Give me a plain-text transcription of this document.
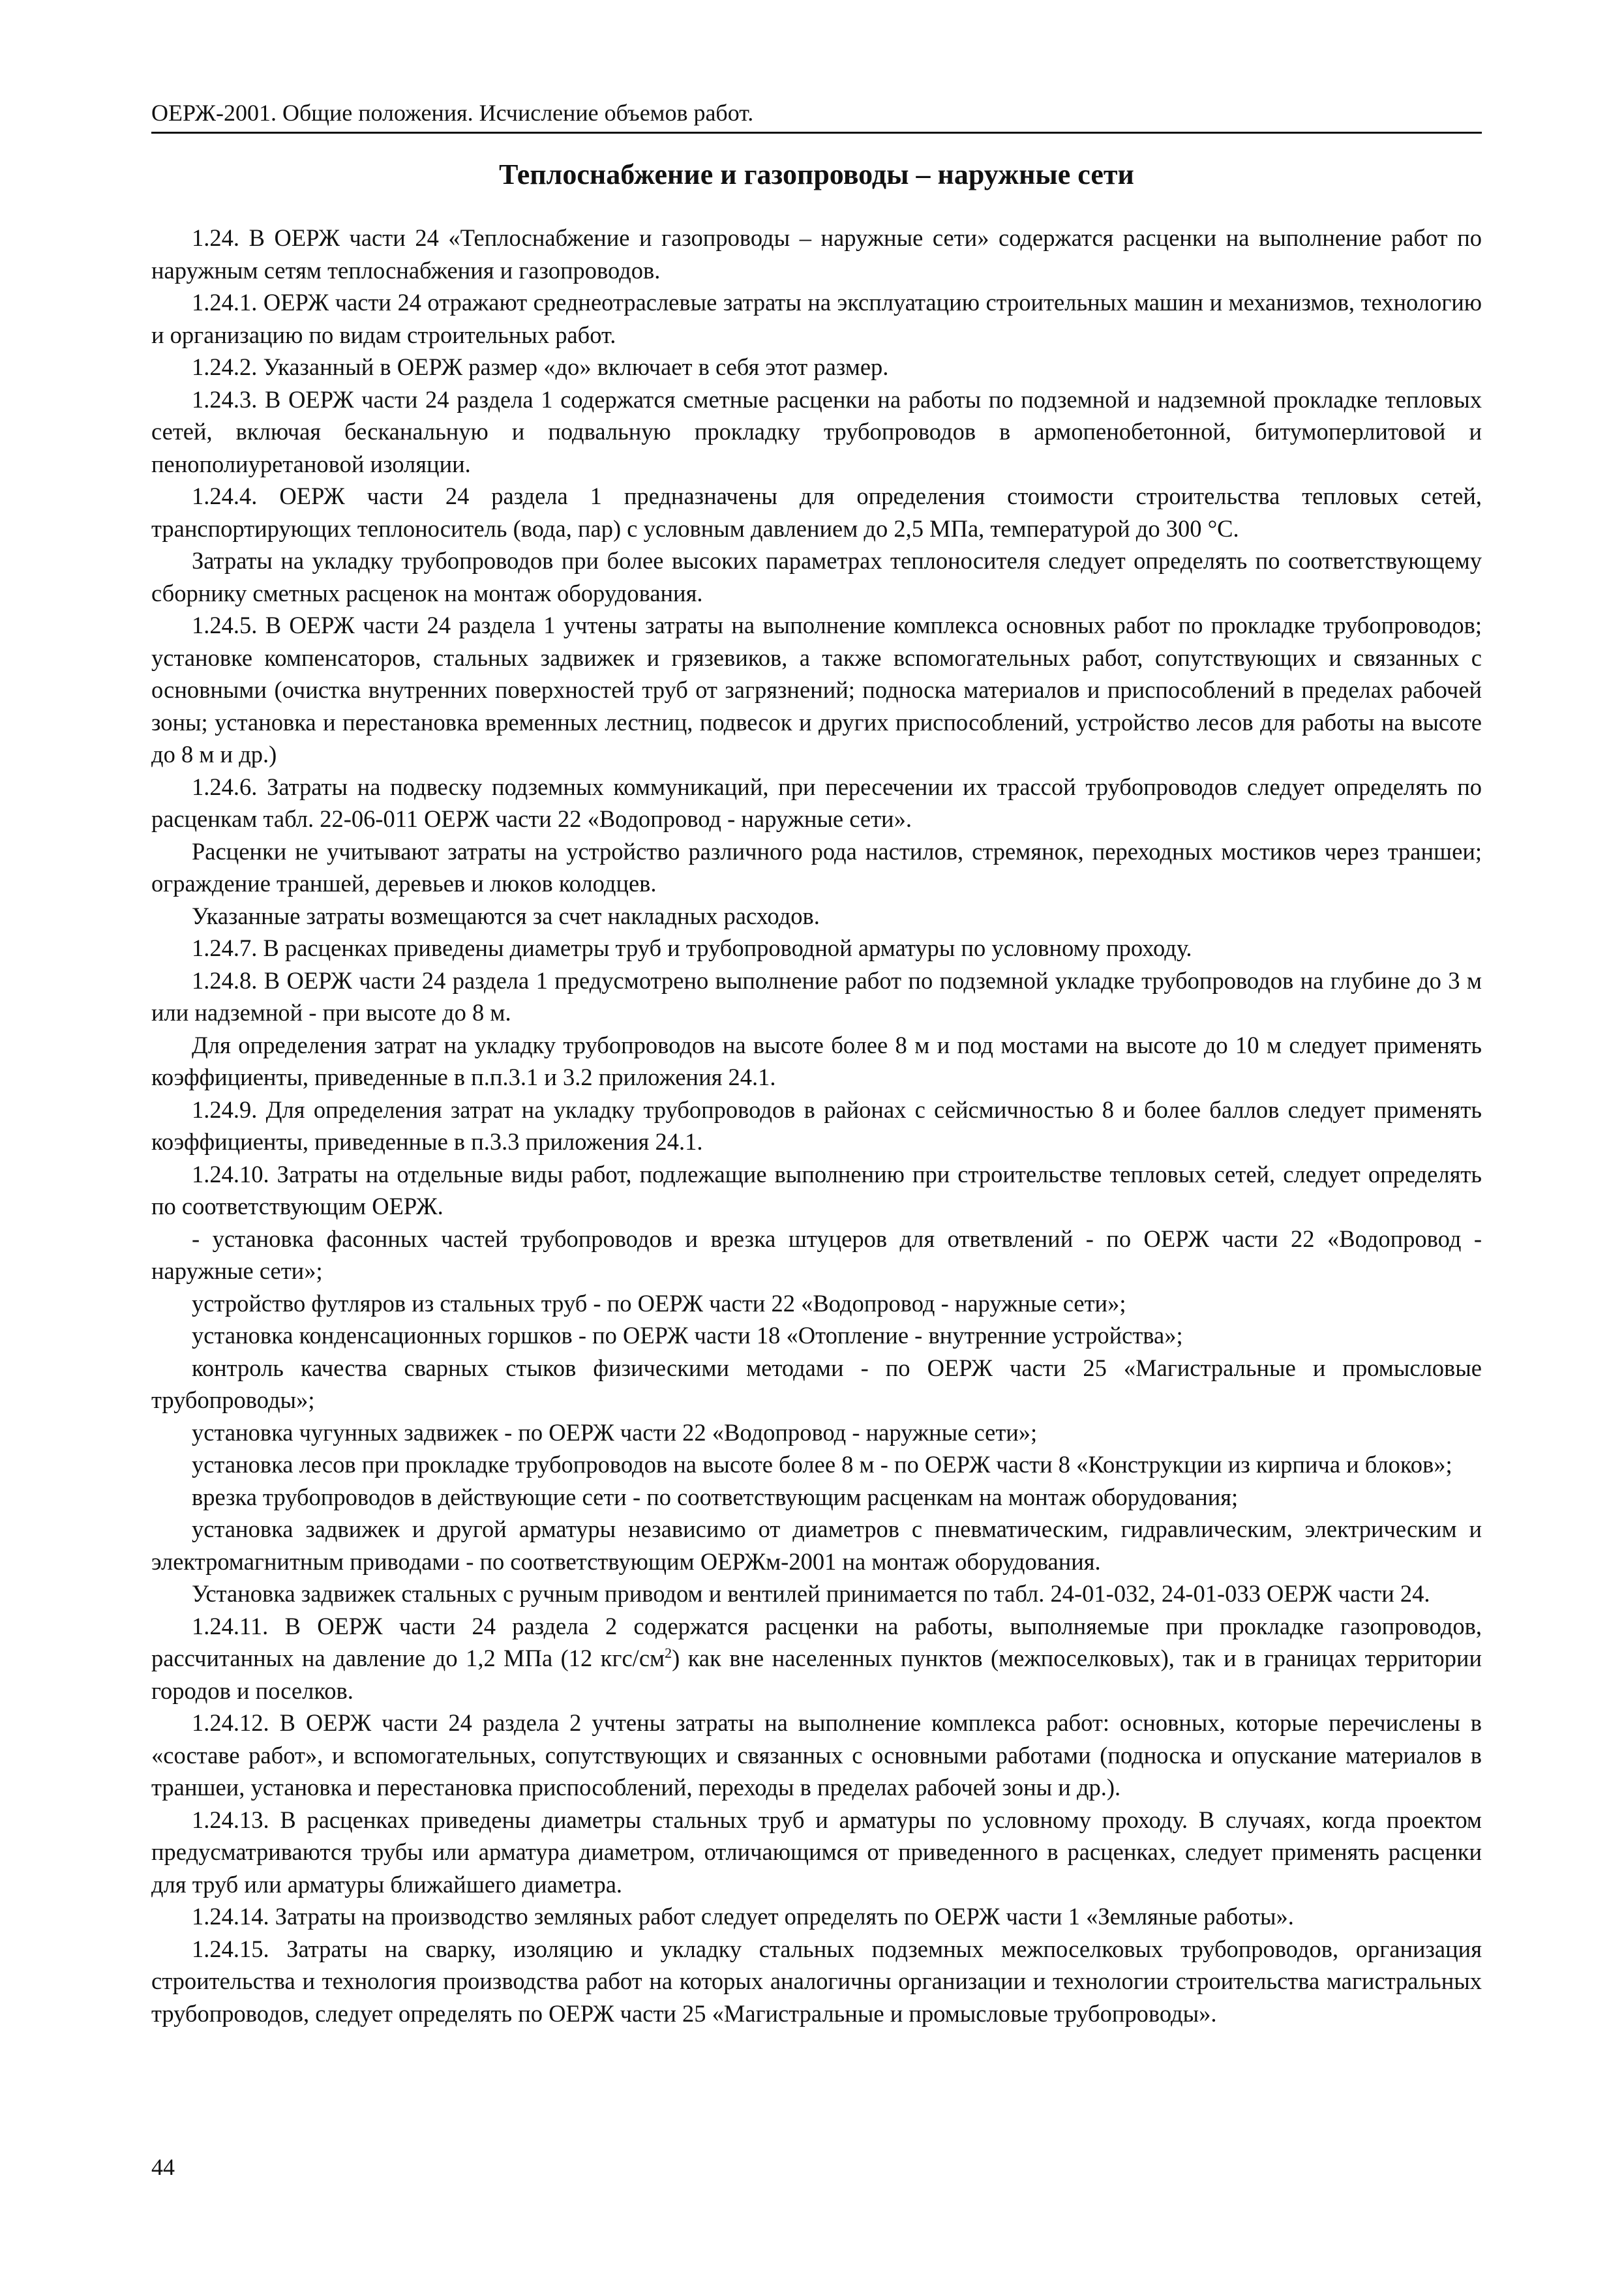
ОЕРЖ-2001. Общие положения. Исчисление объемов работ.
Теплоснабжение и газопроводы – наружные сети

1.24. В ОЕРЖ части 24 «Теплоснабжение и газопроводы – наружные сети» содержатся расценки на выполнение работ по наружным сетям теплоснабжения и газопроводов.

1.24.1. ОЕРЖ части 24 отражают среднеотраслевые затраты на эксплуатацию строительных машин и механизмов, технологию и организацию по видам строительных работ.

1.24.2. Указанный в ОЕРЖ размер «до» включает в себя этот размер.

1.24.3. В ОЕРЖ части 24 раздела 1 содержатся сметные расценки на работы по подземной и надземной прокладке тепловых сетей, включая бесканальную и подвальную прокладку трубопроводов в армопенобетонной, битумоперлитовой и пенополиуретановой изоляции.

1.24.4. ОЕРЖ части 24 раздела 1 предназначены для определения стоимости строительства тепловых сетей, транспортирующих теплоноситель (вода, пар) с условным давлением до 2,5 МПа, температурой до 300 °С.

Затраты на укладку трубопроводов при более высоких параметрах теплоносителя следует определять по соответствующему сборнику сметных расценок на монтаж оборудования.

1.24.5. В ОЕРЖ части 24 раздела 1 учтены затраты на выполнение комплекса основных работ по прокладке трубопроводов; установке компенсаторов, стальных задвижек и грязевиков, а также вспомогательных работ, сопутствующих и связанных с основными (очистка внутренних поверхностей труб от загрязнений; подноска материалов и приспособлений в пределах рабочей зоны; установка и перестановка временных лестниц, подвесок и других приспособлений, устройство лесов для работы на высоте до 8 м и др.)

1.24.6. Затраты на подвеску подземных коммуникаций, при пересечении их трассой трубопроводов следует определять по расценкам табл. 22-06-011 ОЕРЖ части 22 «Водопровод - наружные сети».

Расценки не учитывают затраты на устройство различного рода настилов, стремянок, переходных мостиков через траншеи; ограждение траншей, деревьев и люков колодцев.

Указанные затраты возмещаются за счет накладных расходов.

1.24.7. В расценках приведены диаметры труб и трубопроводной арматуры по условному проходу.

1.24.8. В ОЕРЖ части 24 раздела 1 предусмотрено выполнение работ по подземной укладке трубопроводов на глубине до 3 м или надземной - при высоте до 8 м.

Для определения затрат на укладку трубопроводов на высоте более 8 м и под мостами на высоте до 10 м следует применять коэффициенты, приведенные в п.п.3.1 и 3.2 приложения 24.1.

1.24.9. Для определения затрат на укладку трубопроводов в районах с сейсмичностью 8 и более баллов следует применять коэффициенты, приведенные в п.3.3 приложения 24.1.

1.24.10. Затраты на отдельные виды работ, подлежащие выполнению при строительстве тепловых сетей, следует определять по соответствующим ОЕРЖ.

- установка фасонных частей трубопроводов и врезка штуцеров для ответвлений - по ОЕРЖ части 22 «Водопровод - наружные сети»;

устройство футляров из стальных труб - по ОЕРЖ части 22 «Водопровод - наружные сети»;

установка конденсационных горшков - по ОЕРЖ части 18 «Отопление - внутренние устройства»;

контроль качества сварных стыков физическими методами - по ОЕРЖ части 25 «Магистральные и промысловые трубопроводы»;

установка чугунных задвижек - по ОЕРЖ части 22 «Водопровод - наружные сети»;

установка лесов при прокладке трубопроводов на высоте более 8 м - по ОЕРЖ части 8 «Конструкции из кирпича и блоков»;

врезка трубопроводов в действующие сети - по соответствующим расценкам на монтаж оборудования;

установка задвижек и другой арматуры независимо от диаметров с пневматическим, гидравлическим, электрическим и электромагнитным приводами - по соответствующим ОЕРЖм-2001 на монтаж оборудования.

Установка задвижек стальных с ручным приводом и вентилей принимается по табл. 24-01-032, 24-01-033 ОЕРЖ части 24.

1.24.11. В ОЕРЖ части 24 раздела 2 содержатся расценки на работы, выполняемые при прокладке газопроводов, рассчитанных на давление до 1,2 МПа (12 кгс/$см^2$) как вне населенных пунктов (межпоселковых), так и в границах территории городов и поселков.

1.24.12. В ОЕРЖ части 24 раздела 2 учтены затраты на выполнение комплекса работ: основных, которые перечислены в «составе работ», и вспомогательных, сопутствующих и связанных с основными работами (подноска и опускание материалов в траншеи, установка и перестановка приспособлений, переходы в пределах рабочей зоны и др.).

1.24.13. В расценках приведены диаметры стальных труб и арматуры по условному проходу. В случаях, когда проектом предусматриваются трубы или арматура диаметром, отличающимся от приведенного в расценках, следует применять расценки для труб или арматуры ближайшего диаметра.

1.24.14. Затраты на производство земляных работ следует определять по ОЕРЖ части 1 «Земляные работы».

1.24.15. Затраты на сварку, изоляцию и укладку стальных подземных межпоселковых трубопроводов, организация строительства и технология производства работ на которых аналогичны организации и технологии строительства магистральных трубопроводов, следует определять по ОЕРЖ части 25 «Магистральные и промысловые трубопроводы».

44
